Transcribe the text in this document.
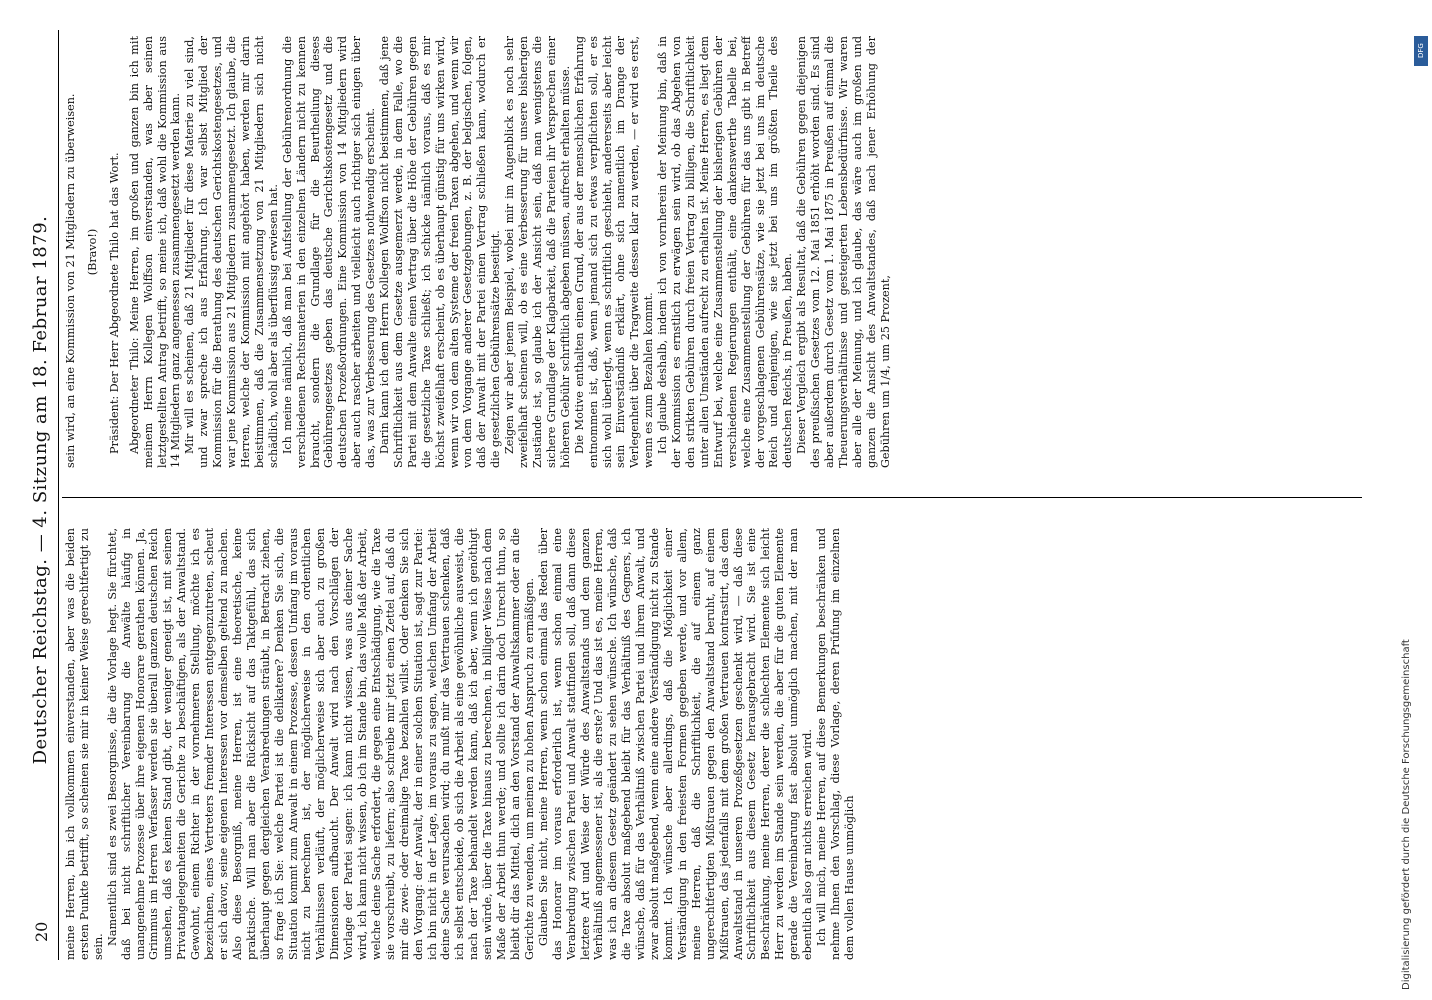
20
Deutscher Reichstag. — 4. Sitzung am 18. Februar 1879. meine Herren, bin ich vollkommen einverstanden, aber was die beiden ersten Punkte betrifft, so scheinen sie mir in keiner Weise gerechtfertigt zu sein.

Namentlich sind es zwei Besorgnisse, die die Vorlage hegt. Sie fürchtet, daß bei nicht schriftlicher Vereinbarung die Anwälte häufig in unangenehme Prozesse über ihre eigenen Honorare gerathen können. Ja, Grimmus im Herren Verfasser werden sie überall ganzen deutschen Reich umsehen, daß es keinen Stand gibt, der weniger geneigt ist, mit seinen Privatangelegenheiten die Gerichte zu beschäftigen, als der Anwaltstand. Gewohnt, einem Richter in der vornehmeren Stellung, möchte ich es bezeichnen, eines Vertreters fremder Interessen entgegenzutreten, scheut er sich davor, seine eigenen Interessen vor demselben geltend zu machen. Also diese Besorgniß, meine Herren, ist eine theoretische, keine praktische. Will man aber die Rücksicht auf das Taktgefühl, das sich überhaupt gegen dergleichen Verabredungen sträubt, in Betracht ziehen, so frage ich Sie: welche Partei ist die delikatere? Denken Sie sich, die Situation kommt zum Anwalt in einem Prozesse, dessen Umfang im voraus nicht zu berechnen ist, der möglicherweise in den ordentlichen Verhältnissen verläuft, der möglicherweise sich aber auch zu großen Dimensionen aufbaucht. Der Anwalt wird nach den Vorschlägen der Vorlage der Partei sagen: ich kann nicht wissen, was aus deiner Sache wird, ich kann nicht wissen, ob ich im Stande bin, das volle Maß der Arbeit, welche deine Sache erfordert, die gegen eine Entschädigung, wie die Taxe sie vorschreibt, zu liefern; also schreibe mir jetzt einen Zettel auf, daß du mir die zwei- oder dreimalige Taxe bezahlen willst. Oder denken Sie sich den Vorgang: der Anwalt, der in einer solchen Situation ist, sagt zur Partei: ich bin nicht in der Lage, im voraus zu sagen, welchen Umfang der Arbeit deine Sache verursachen wird; du mußt mir das Vertrauen schenken, daß ich selbst entscheide, ob sich die Arbeit als eine gewöhnliche ausweist, die nach der Taxe behandelt werden kann, daß ich aber, wenn ich genöthigt sein würde, über die Taxe hinaus zu berechnen, in billiger Weise nach dem Maße der Arbeit thun werde; und sollte ich darin doch Unrecht thun, so bleibt dir das Mittel, dich an den Vorstand der Anwaltskammer oder an die Gerichte zu wenden, um meinen zu hohen Anspruch zu ermäßigen. Glauben Sie nicht, meine Herren, wenn schon einmal das Reden über das Honorar im voraus erforderlich ist, wenn schon einmal eine Verabredung zwischen Partei und Anwalt stattfinden soll, daß dann diese letztere Art und Weise der Würde des Anwaltstands und dem ganzen Verhältniß angemessener ist, als die erste? Und das ist es, meine Herren, was ich an diesem Gesetz geändert zu sehen wünsche. Ich wünsche, daß die Taxe absolut maßgebend bleibt für das Verhältniß des Gegners, ich wünsche, daß für das Verhältniß zwischen Partei und ihrem Anwalt, und zwar absolut maßgebend, wenn eine andere Verständigung nicht zu Stande kommt. Ich wünsche aber allerdings, daß die Möglichkeit einer Verständigung in den freiesten Formen gegeben werde, und vor allem, meine Herren, daß die Schriftlichkeit, die auf einem ganz ungerechtfertigten Mißtrauen gegen den Anwaltstand beruht, auf einem Mißtrauen, das jedenfalls mit dem großen Vertrauen kontrastirt, das dem Anwaltstand in unseren Prozeßgesetzen geschenkt wird, — daß diese Schriftlichkeit aus diesem Gesetz herausgebracht wird. Sie ist eine Beschränkung, meine Herren, derer die schlechten Elemente sich leicht Herr zu werden im Stande sein werden, die aber für die guten Elemente gerade die Vereinbarung fast absolut unmöglich machen, mit der man ebentlich also gar nichts erreichen wird. Ich will mich, meine Herren, auf diese Bemerkungen beschränken und nehme Ihnen den Vorschlag, diese Vorlage, deren Prüfung im einzelnen dem vollen Hause unmöglich

sein wird, an eine Kommission von 21 Mitgliedern zu überweisen. (Bravo!) Präsident: Der Herr Abgeordnete Thilo hat das Wort. Abgeordneter Thilo: Meine Herren, im großen und ganzen bin ich mit meinem Herrn Kollegen Wolffson einverstanden, was aber seinen letztgestellten Antrag betrifft, so meine ich, daß wohl die Kommission aus 14 Mitgliedern ganz angemessen zusammengesetzt werden kann. Mir will es scheinen, daß 21 Mitglieder für diese Materie zu viel sind, und zwar spreche ich aus Erfahrung. Ich war selbst Mitglied der Kommission für die Berathung des deutschen Gerichtskostengesetzes, und war jene Kommission aus 21 Mitgliedern zusammengesetzt. Ich glaube, die Herren, welche der Kommission mit angehört haben, werden mir darin beistimmen, daß die Zusammensetzung von 21 Mitgliedern sich nicht schädlich, wohl aber als überflüssig erwiesen hat. Ich meine nämlich, daß man bei Aufstellung der Gebührenordnung die verschiedenen Rechtsmaterien in den einzelnen Ländern nicht zu kennen braucht, sondern die Grundlage für die Beurtheilung dieses Gebührengesetzes geben das deutsche Gerichtskostengesetz und die deutschen Prozeßordnungen. Eine Kommission von 14 Mitgliedern wird aber auch rascher arbeiten und vielleicht auch richtiger sich einigen über das, was zur Verbesserung des Gesetzes nothwendig erscheint. Darin kann ich dem Herrn Kollegen Wolffson nicht beistimmen, daß jene Schriftlichkeit aus dem Gesetze ausgemerzt werde, in dem Falle, wo die Partei mit dem Anwalte einen Vertrag über die Höhe der Gebühren gegen die gesetzliche Taxe schließt; ich schicke nämlich voraus, daß es mir höchst zweifelhaft erscheint, ob es überhaupt günstig für uns wirken wird, wenn wir von dem alten Systeme der freien Taxen abgehen, und wenn wir von dem Vorgange anderer Gesetzgebungen, z. B. der belgischen, folgen, daß der Anwalt mit der Partei einen Vertrag schließen kann, wodurch er die gesetzlichen Gebührensätze beseitigt. Zeigen wir aber jenem Beispiel, wobei mir im Augenblick es noch sehr zweifelhaft scheinen will, ob es eine Verbesserung für unsere bisherigen Zustände ist, so glaube ich der Ansicht sein, daß man wenigstens die sichere Grundlage der Klagbarkeit, daß die Parteien ihr Versprechen einer höheren Gebühr schriftlich abgeben müssen, aufrecht erhalten müsse. Die Motive enthalten einen Grund, der aus der menschlichen Erfahrung entnommen ist, daß, wenn jemand sich zu etwas verpflichten soll, er es sich wohl überlegt, wenn es schriftlich geschieht, andererseits aber leicht sein Einverständniß erklärt, ohne sich namentlich im Drange der Verlegenheit über die Tragweite dessen klar zu werden, — er wird es erst, wenn es zum Bezahlen kommt. Ich glaube deshalb, indem ich von vornherein der Meinung bin, daß in der Kommission es ernstlich zu erwägen sein wird, ob das Abgehen von den strikten Gebühren durch freien Vertrag zu billigen, die Schriftlichkeit unter allen Umständen aufrecht zu erhalten ist. Meine Herren, es liegt dem Entwurf bei, welche eine Zusammenstellung der bisherigen Gebühren der verschiedenen Regierungen enthält, eine dankenswerthe Tabelle bei, welche eine Zusammenstellung der Gebühren für das uns gibt in Betreff der vorgeschlagenen Gebührensätze, wie sie jetzt bei uns im deutsche Reich und denjenigen, wie sie jetzt bei uns im größten Theile des deutschen Reichs, in Preußen, haben. Dieser Vergleich ergibt als Resultat, daß die Gebühren gegen diejenigen des preußischen Gesetzes vom 12. Mai 1851 erhöht worden sind. Es sind aber außerdem durch Gesetz vom 1. Mai 1875 in Preußen auf einmal die Theuerungsverhältnisse und gesteigerten Lebensbedürfnisse. Wir waren aber alle der Meinung, und ich glaube, das wäre auch im großen und ganzen die Ansicht des Anwaltstandes, daß nach jener Erhöhung der Gebühren um 1/4, um 25 Prozent,

DFG
Digitalisierung gefördert durch die Deutsche Forschungsgemeinschaft
